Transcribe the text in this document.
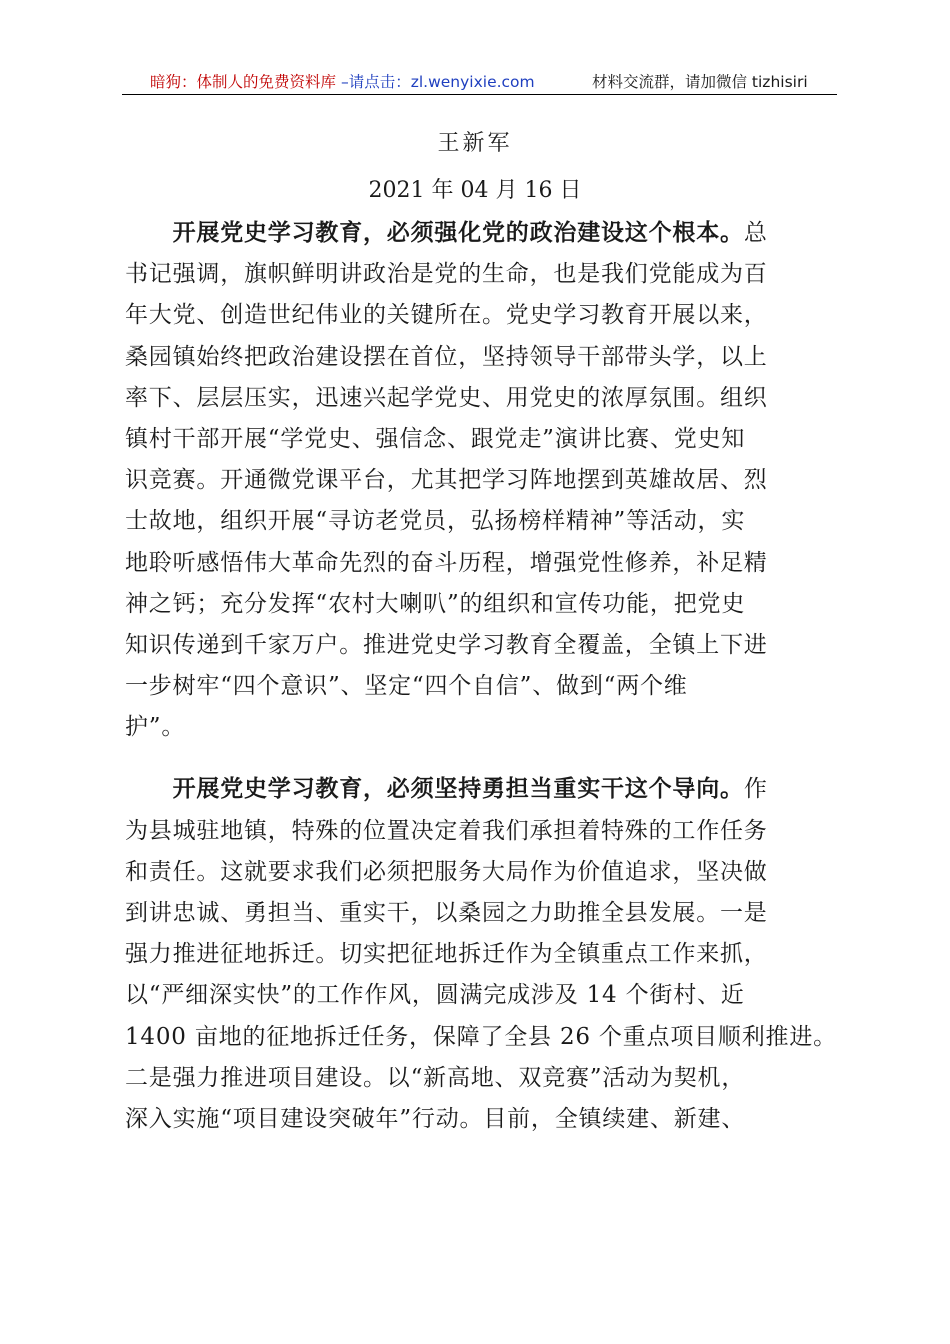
暗狗：体制人的免费资料库 –请点击：zl.wenyixie.com	材料交流群，请加微信 tizhisiri
王新军
2021 年 04 月 16 日
　　开展党史学习教育，必须强化党的政治建设这个根本。总
书记强调，旗帜鲜明讲政治是党的生命，也是我们党能成为百
年大党、创造世纪伟业的关键所在。党史学习教育开展以来，
桑园镇始终把政治建设摆在首位，坚持领导干部带头学，以上
率下、层层压实，迅速兴起学党史、用党史的浓厚氛围。组织
镇村干部开展“学党史、强信念、跟党走”演讲比赛、党史知
识竞赛。开通微党课平台，尤其把学习阵地摆到英雄故居、烈
士故地，组织开展“寻访老党员，弘扬榜样精神”等活动，实
地聆听感悟伟大革命先烈的奋斗历程，增强党性修养，补足精
神之钙；充分发挥“农村大喇叭”的组织和宣传功能，把党史
知识传递到千家万户。推进党史学习教育全覆盖，全镇上下进
一步树牢“四个意识”、坚定“四个自信”、做到“两个维
护”。
　　开展党史学习教育，必须坚持勇担当重实干这个导向。作
为县城驻地镇，特殊的位置决定着我们承担着特殊的工作任务
和责任。这就要求我们必须把服务大局作为价值追求，坚决做
到讲忠诚、勇担当、重实干，以桑园之力助推全县发展。一是
强力推进征地拆迁。切实把征地拆迁作为全镇重点工作来抓，
以“严细深实快”的工作作风，圆满完成涉及 14 个街村、近
1400 亩地的征地拆迁任务，保障了全县 26 个重点项目顺利推进。
二是强力推进项目建设。以“新高地、双竞赛”活动为契机，
深入实施“项目建设突破年”行动。目前，全镇续建、新建、
